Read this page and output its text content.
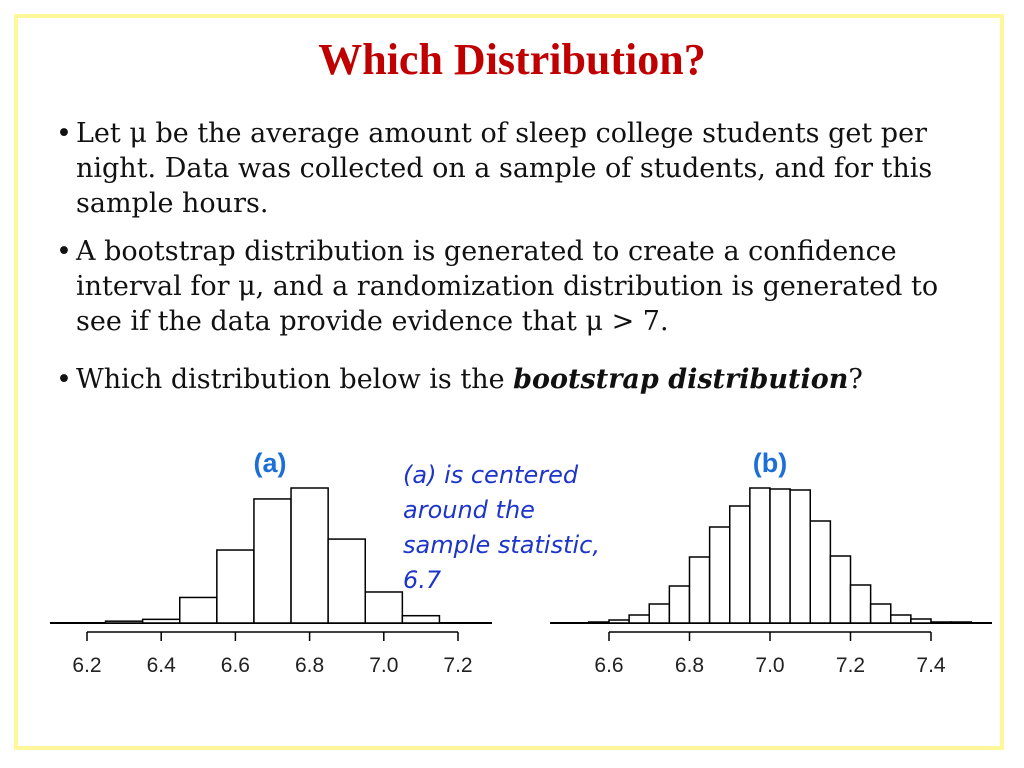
Which Distribution?
• Let μ be the average amount of sleep college students get per night. Data was collected on a sample of students, and for this sample hours.
• A bootstrap distribution is generated to create a confidence interval for μ, and a randomization distribution is generated to see if the data provide evidence that μ > 7.
• Which distribution below is the bootstrap distribution?
(a)
6.2 6.4 6.6 6.8 7.0 7.2
(b)
6.6 6.8 7.0 7.2 7.4
(a) is centered
around the
sample statistic,
6.7
